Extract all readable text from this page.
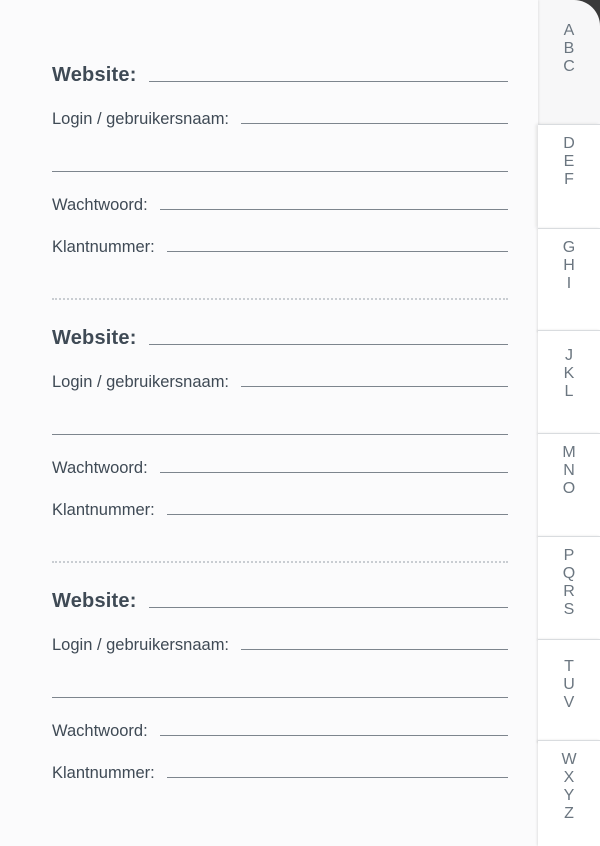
Website:
Login / gebruikersnaam:
Wachtwoord:
Klantnummer:
Website:
Login / gebruikersnaam:
Wachtwoord:
Klantnummer:
Website:
Login / gebruikersnaam:
Wachtwoord:
Klantnummer:
A
B
C
D
E
F
G
H
I
J
K
L
M
N
O
P
Q
R
S
T
U
V
W
X
Y
Z
